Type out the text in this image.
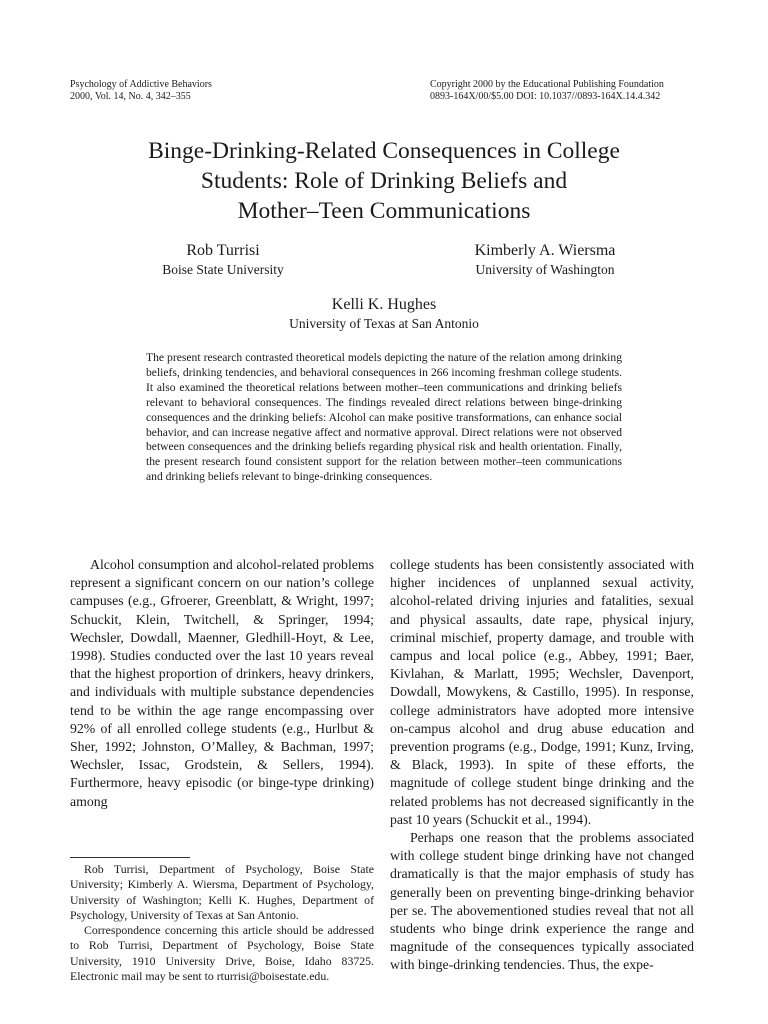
Psychology of Addictive Behaviors
2000, Vol. 14, No. 4, 342–355
Copyright 2000 by the Educational Publishing Foundation
0893-164X/00/$5.00 DOI: 10.1037//0893-164X.14.4.342
Binge-Drinking-Related Consequences in College
Students: Role of Drinking Beliefs and
Mother–Teen Communications
Rob Turrisi
Boise State University
Kimberly A. Wiersma
University of Washington
Kelli K. Hughes
University of Texas at San Antonio

The present research contrasted theoretical models depicting the nature of the relation among drinking beliefs, drinking tendencies, and behavioral consequences in 266 incoming freshman college students. It also examined the theoretical relations between mother–teen communications and drinking beliefs relevant to behavioral consequences. The findings revealed direct relations between binge-drinking consequences and the drinking beliefs: Alcohol can make positive transformations, can enhance social behavior, and can increase negative affect and normative approval. Direct relations were not observed between consequences and the drinking beliefs regarding physical risk and health orientation. Finally, the present research found consistent support for the relation between mother–teen communications and drinking beliefs relevant to binge-drinking consequences.

Alcohol consumption and alcohol-related problems represent a significant concern on our nation’s college campuses (e.g., Gfroerer, Greenblatt, & Wright, 1997; Schuckit, Klein, Twitchell, & Springer, 1994; Wechsler, Dowdall, Maenner, Gledhill-Hoyt, & Lee, 1998). Studies conducted over the last 10 years reveal that the highest proportion of drinkers, heavy drinkers, and individuals with multiple substance dependencies tend to be within the age range encompassing over 92% of all enrolled college students (e.g., Hurlbut & Sher, 1992; Johnston, O’Malley, & Bachman, 1997; Wechsler, Issac, Grodstein, & Sellers, 1994). Furthermore, heavy episodic (or binge-type drinking) among

college students has been consistently associated with higher incidences of unplanned sexual activity, alcohol-related driving injuries and fatalities, sexual and physical assaults, date rape, physical injury, criminal mischief, property damage, and trouble with campus and local police (e.g., Abbey, 1991; Baer, Kivlahan, & Marlatt, 1995; Wechsler, Davenport, Dowdall, Mowykens, & Castillo, 1995). In response, college administrators have adopted more intensive on-campus alcohol and drug abuse education and prevention programs (e.g., Dodge, 1991; Kunz, Irving, & Black, 1993). In spite of these efforts, the magnitude of college student binge drinking and the related problems has not decreased significantly in the past 10 years (Schuckit et al., 1994).

Perhaps one reason that the problems associated with college student binge drinking have not changed dramatically is that the major emphasis of study has generally been on preventing binge-drinking behavior per se. The abovementioned studies reveal that not all students who binge drink experience the range and magnitude of the consequences typically associated with binge-drinking tendencies. Thus, the expe-

Rob Turrisi, Department of Psychology, Boise State University; Kimberly A. Wiersma, Department of Psychology, University of Washington; Kelli K. Hughes, Department of Psychology, University of Texas at San Antonio.

Correspondence concerning this article should be addressed to Rob Turrisi, Department of Psychology, Boise State University, 1910 University Drive, Boise, Idaho 83725. Electronic mail may be sent to rturrisi@boisestate.edu.
